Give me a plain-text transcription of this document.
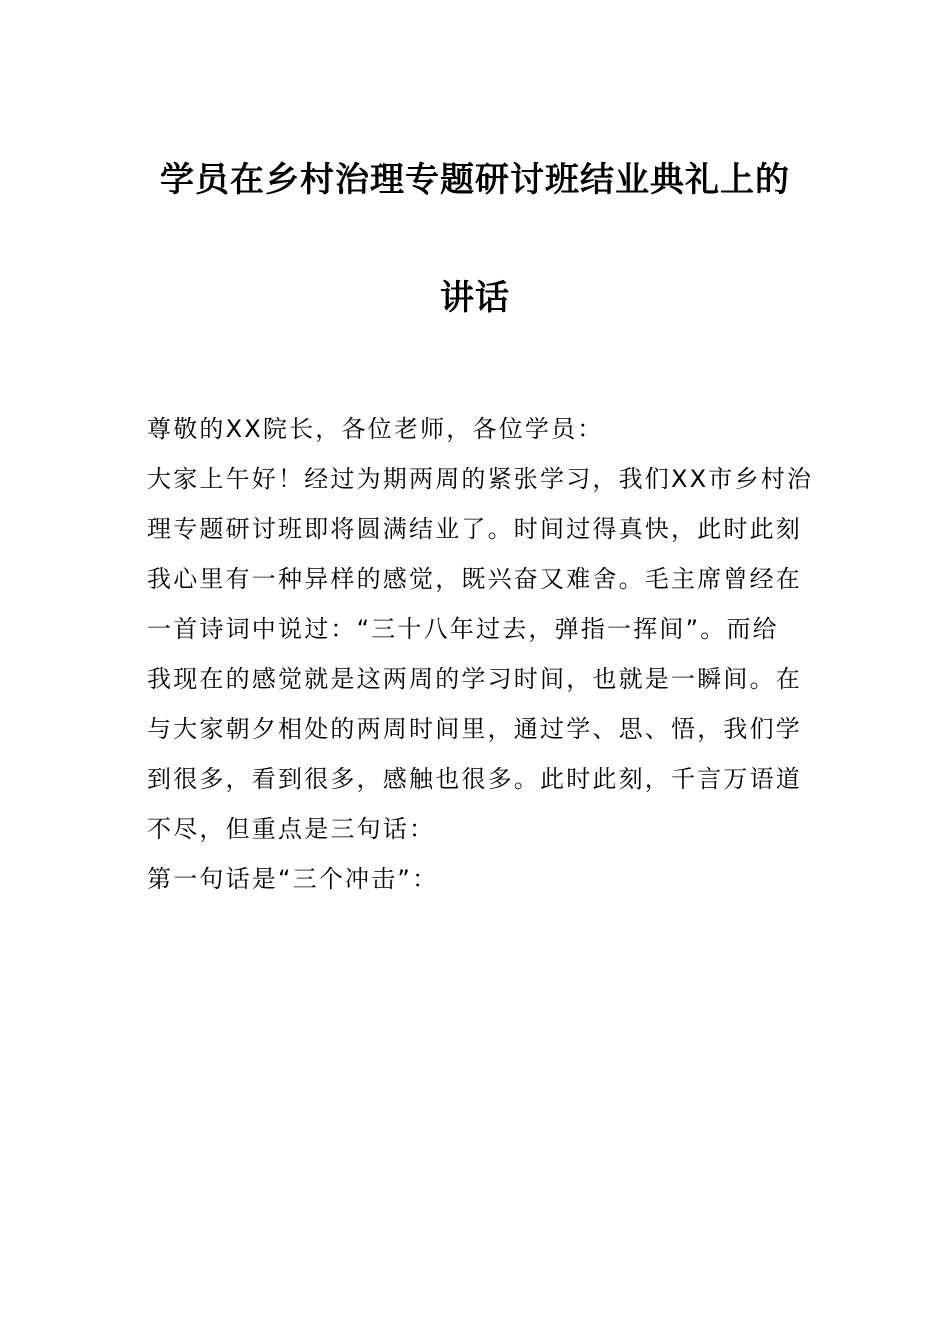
学员在乡村治理专题研讨班结业典礼上的
讲话
尊敬的XX院长，各位老师，各位学员：
大家上午好！经过为期两周的紧张学习，我们XX市乡村治
理专题研讨班即将圆满结业了。时间过得真快，此时此刻
我心里有一种异样的感觉，既兴奋又难舍。毛主席曾经在
一首诗词中说过：“三十八年过去，弹指一挥间”。而给
我现在的感觉就是这两周的学习时间，也就是一瞬间。在
与大家朝夕相处的两周时间里，通过学、思、悟，我们学
到很多，看到很多，感触也很多。此时此刻，千言万语道
不尽，但重点是三句话：
第一句话是“三个冲击”：
